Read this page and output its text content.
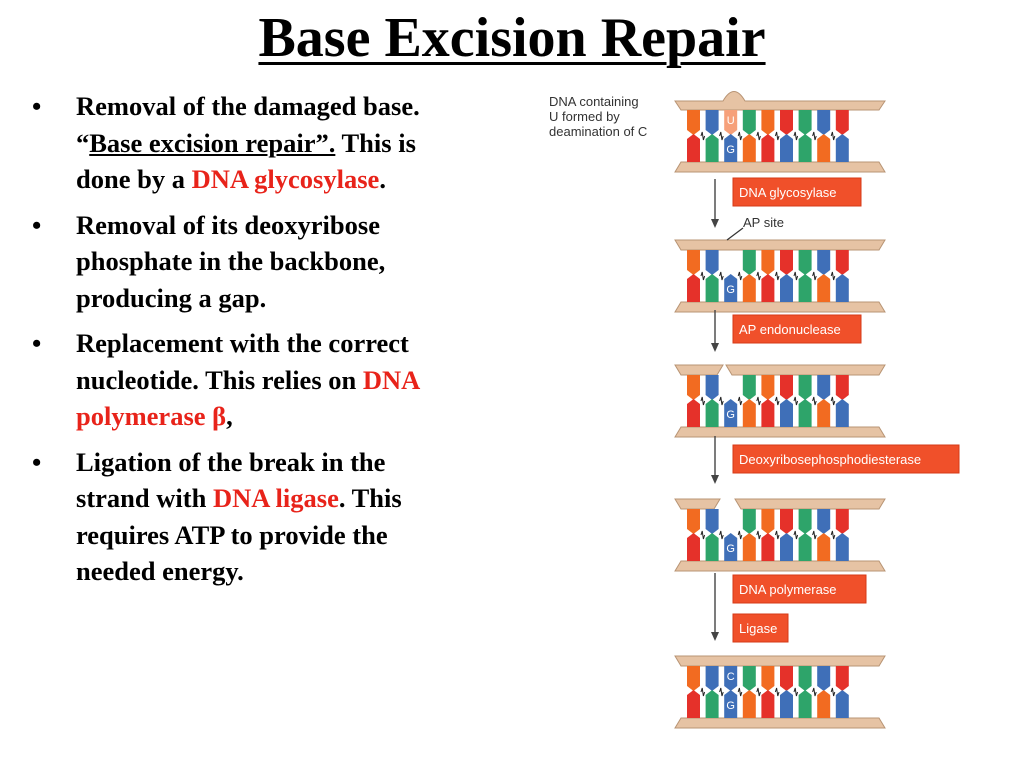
Base Excision Repair
• Removal of the damaged base. “Base excision repair”. This is done by a DNA glycosylase.
• Removal of its deoxyribose phosphate in the backbone, producing a gap.
• Replacement with the correct nucleotide. This relies on DNA polymerase β,
• Ligation of the break in the strand with DNA ligase. This requires ATP to provide the needed energy.
DNA containing
U formed by
deamination of C
U
G
G
G
G
C
G
DNA glycosylase
AP endonuclease
Deoxyribosephosphodiesterase
DNA polymerase
Ligase
AP site
